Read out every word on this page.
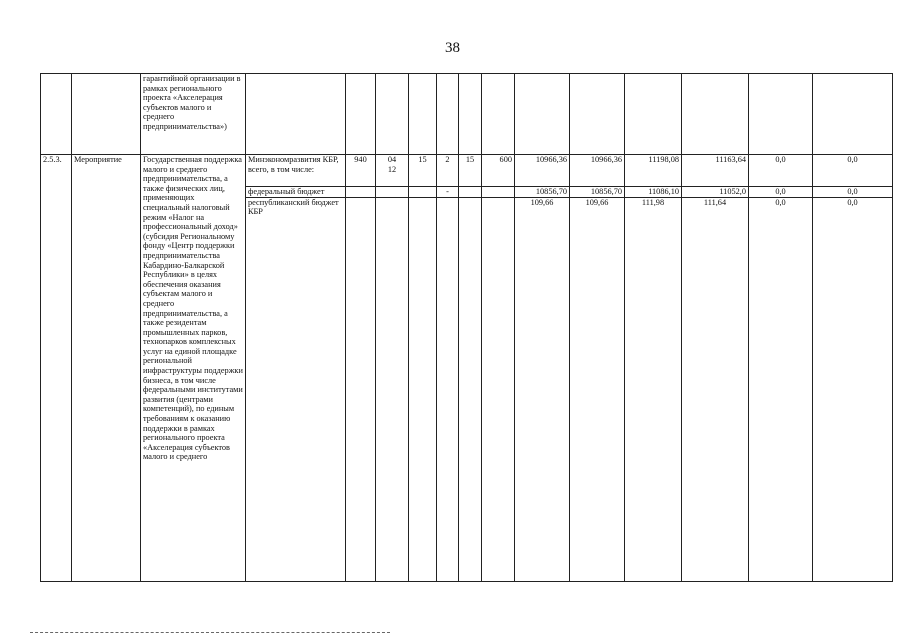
38
		гарантийной организации в рамках регионального проекта «Акселерация субъектов малого и среднего предпринимательства»)													
2.5.3.	Мероприятие	Государственная поддержка малого и среднего предпринимательства, а также физических лиц, применяющих специальный налоговый режим «Налог на профессиональный доход» (субсидия Региональному фонду «Центр поддержки предпринимательства Кабардино-Балкарской Республики» в целях обеспечения оказания субъектам малого и среднего предпринимательства, а также резидентам промышленных парков, технопарков комплексных услуг на единой площадке региональной инфраструктуры поддержки бизнеса, в том числе федеральными институтами развития (центрами компетенций), по единым требованиям к оказанию поддержки в рамках регионального проекта «Акселерация субъектов малого и среднего	Минэкономразвития КБР, всего, в том числе:	940	04
12	15	2	15	600	10966,36	10966,36	11198,08	11163,64	0,0	0,0
			федеральный бюджет				-			10856,70	10856,70	11086,10	11052,0	0,0	0,0
			республиканский бюджет КБР							109,66	109,66	111,98	111,64	0,0	0,0
